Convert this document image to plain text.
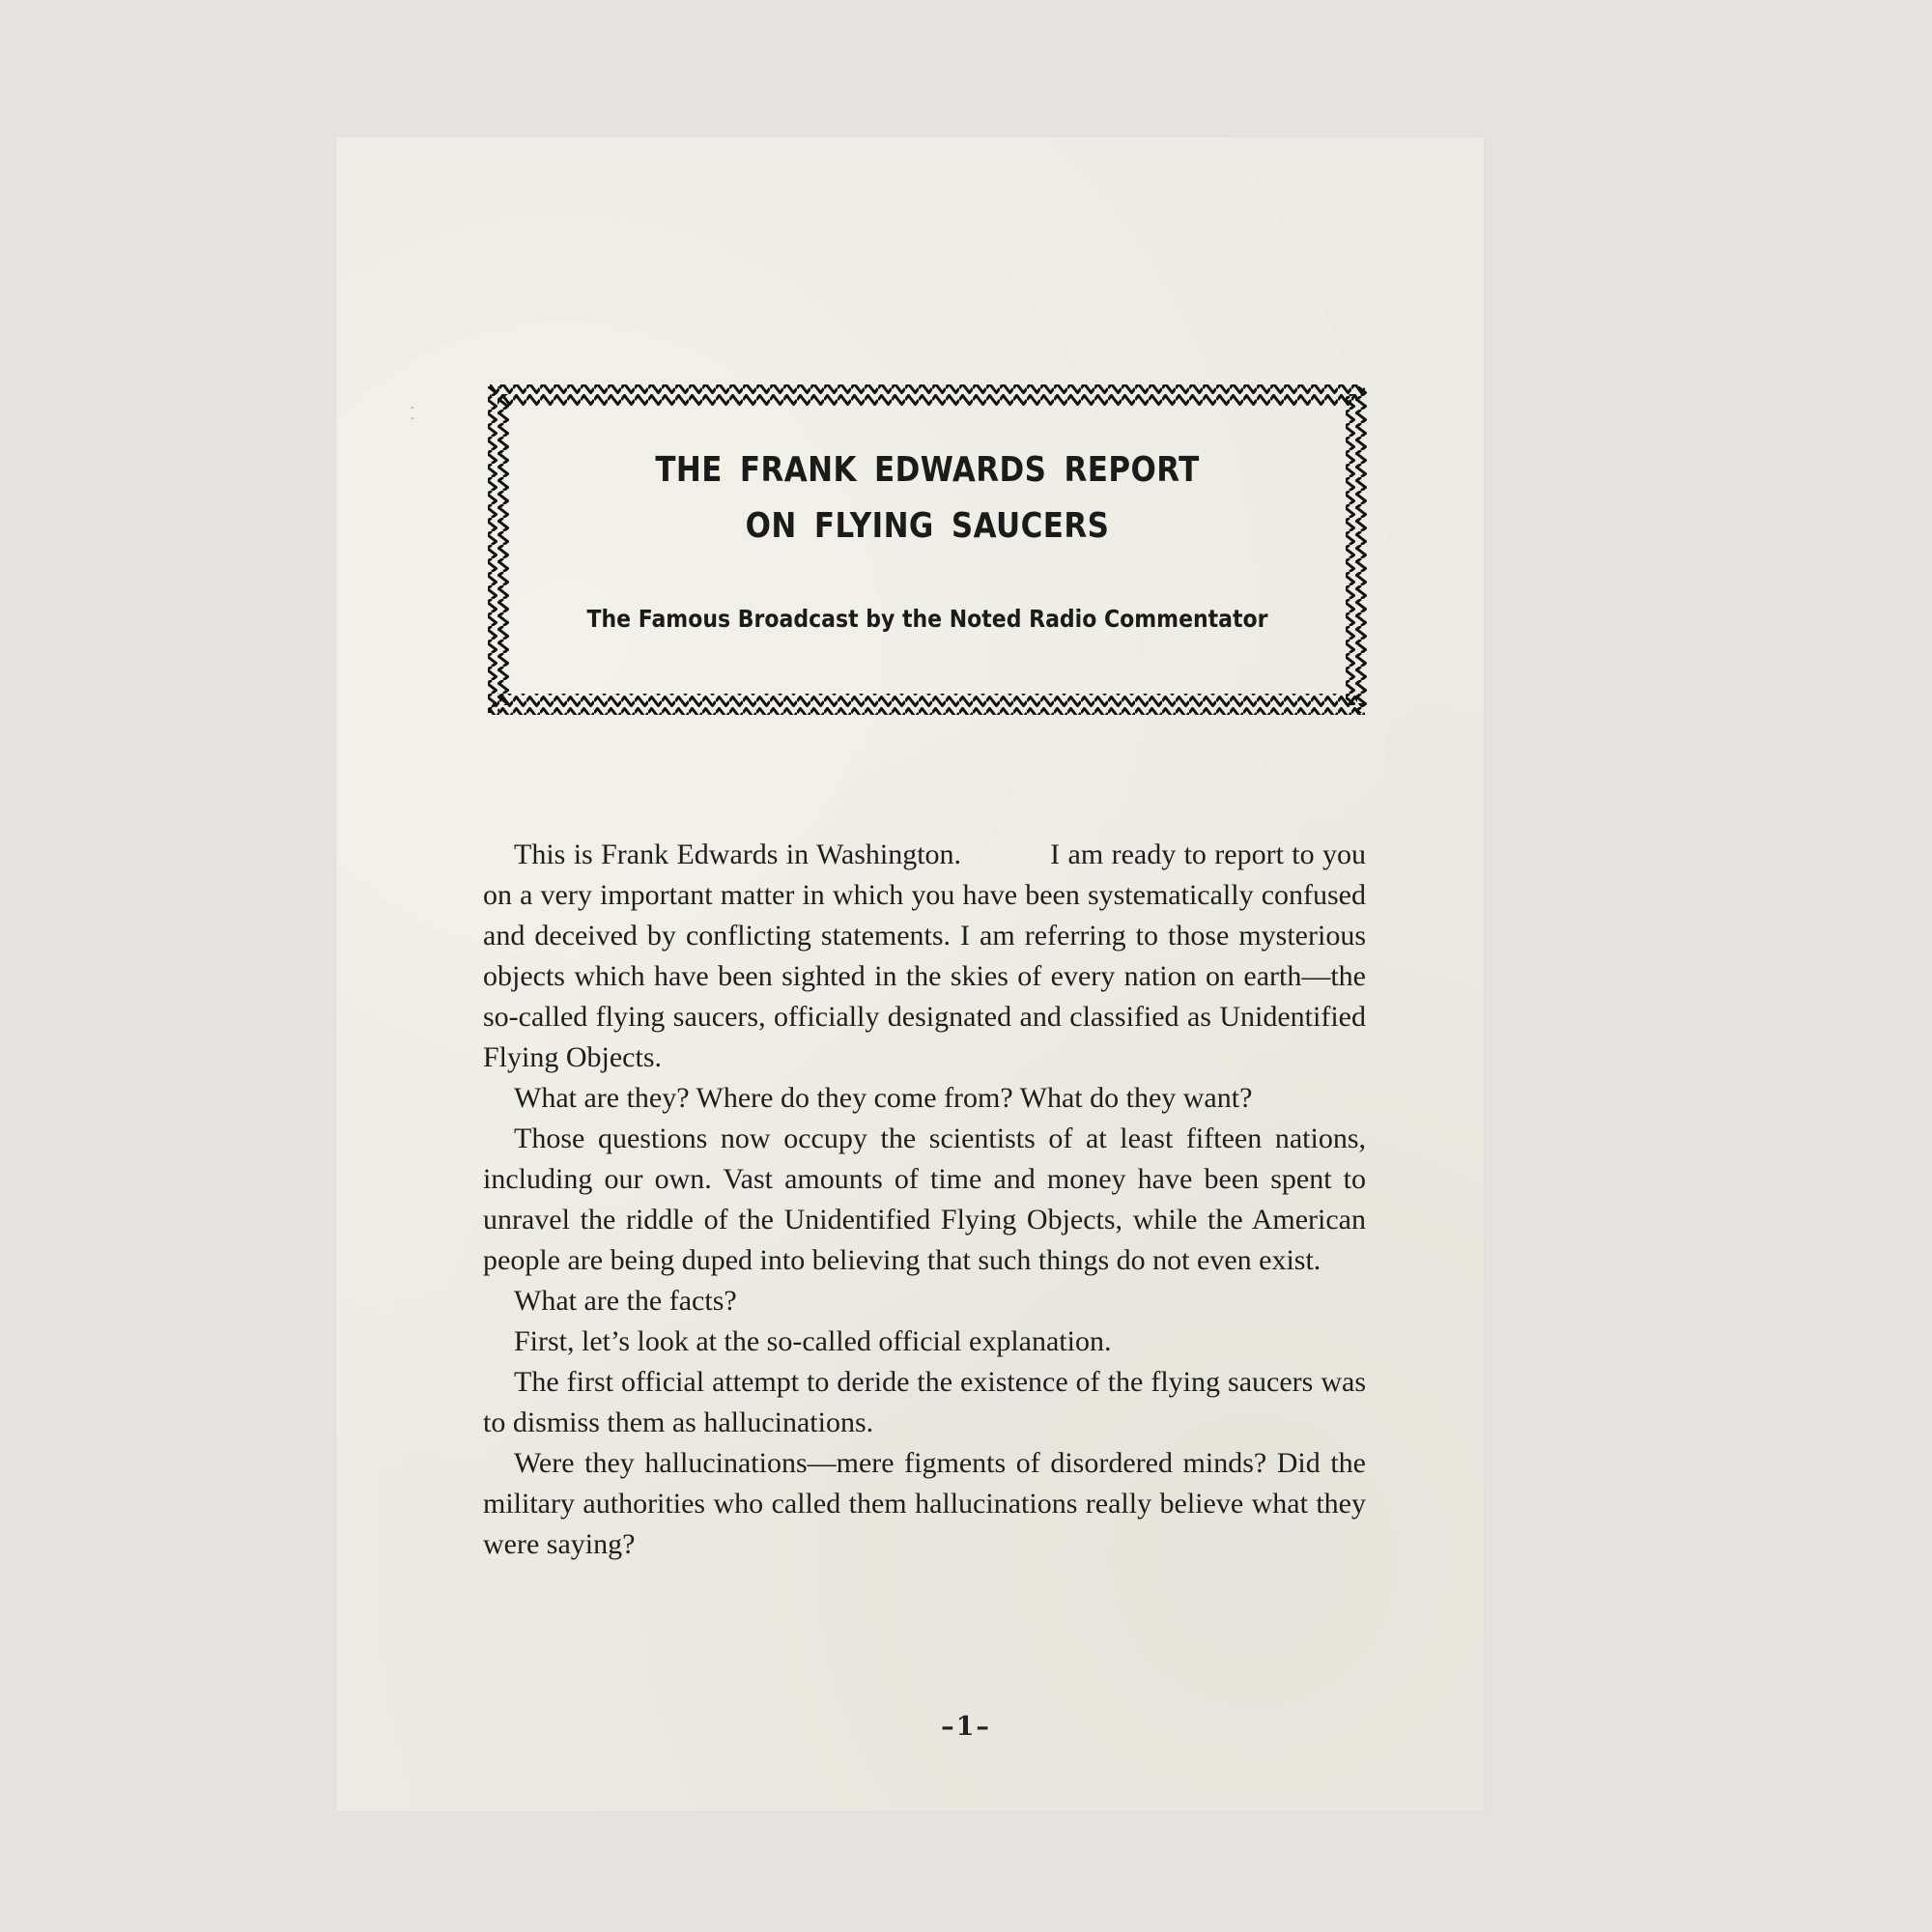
THE FRANK EDWARDS REPORT
ON FLYING SAUCERS
The Famous Broadcast by the Noted Radio Commentator

This is Frank Edwards in Washington.           I am ready to report to you on a very important matter in which you have been systematically confused and deceived by conflicting statements. I am referring to those mysterious objects which have been sighted in the skies of every nation on earth—the so-called flying saucers, officially designated and classified as Unidentified Flying Objects.

What are they? Where do they come from? What do they want?

Those questions now occupy the scientists of at least fifteen nations, including our own. Vast amounts of time and money have been spent to unravel the riddle of the Unidentified Flying Objects, while the American people are being duped into believing that such things do not even exist.

What are the facts?

First, let’s look at the so-called official explanation.

The first official attempt to deride the existence of the flying saucers was to dismiss them as hallucinations.

Were they hallucinations—mere figments of disordered minds? Did the military authorities who called them hallucinations really believe what they were saying?

–1–
